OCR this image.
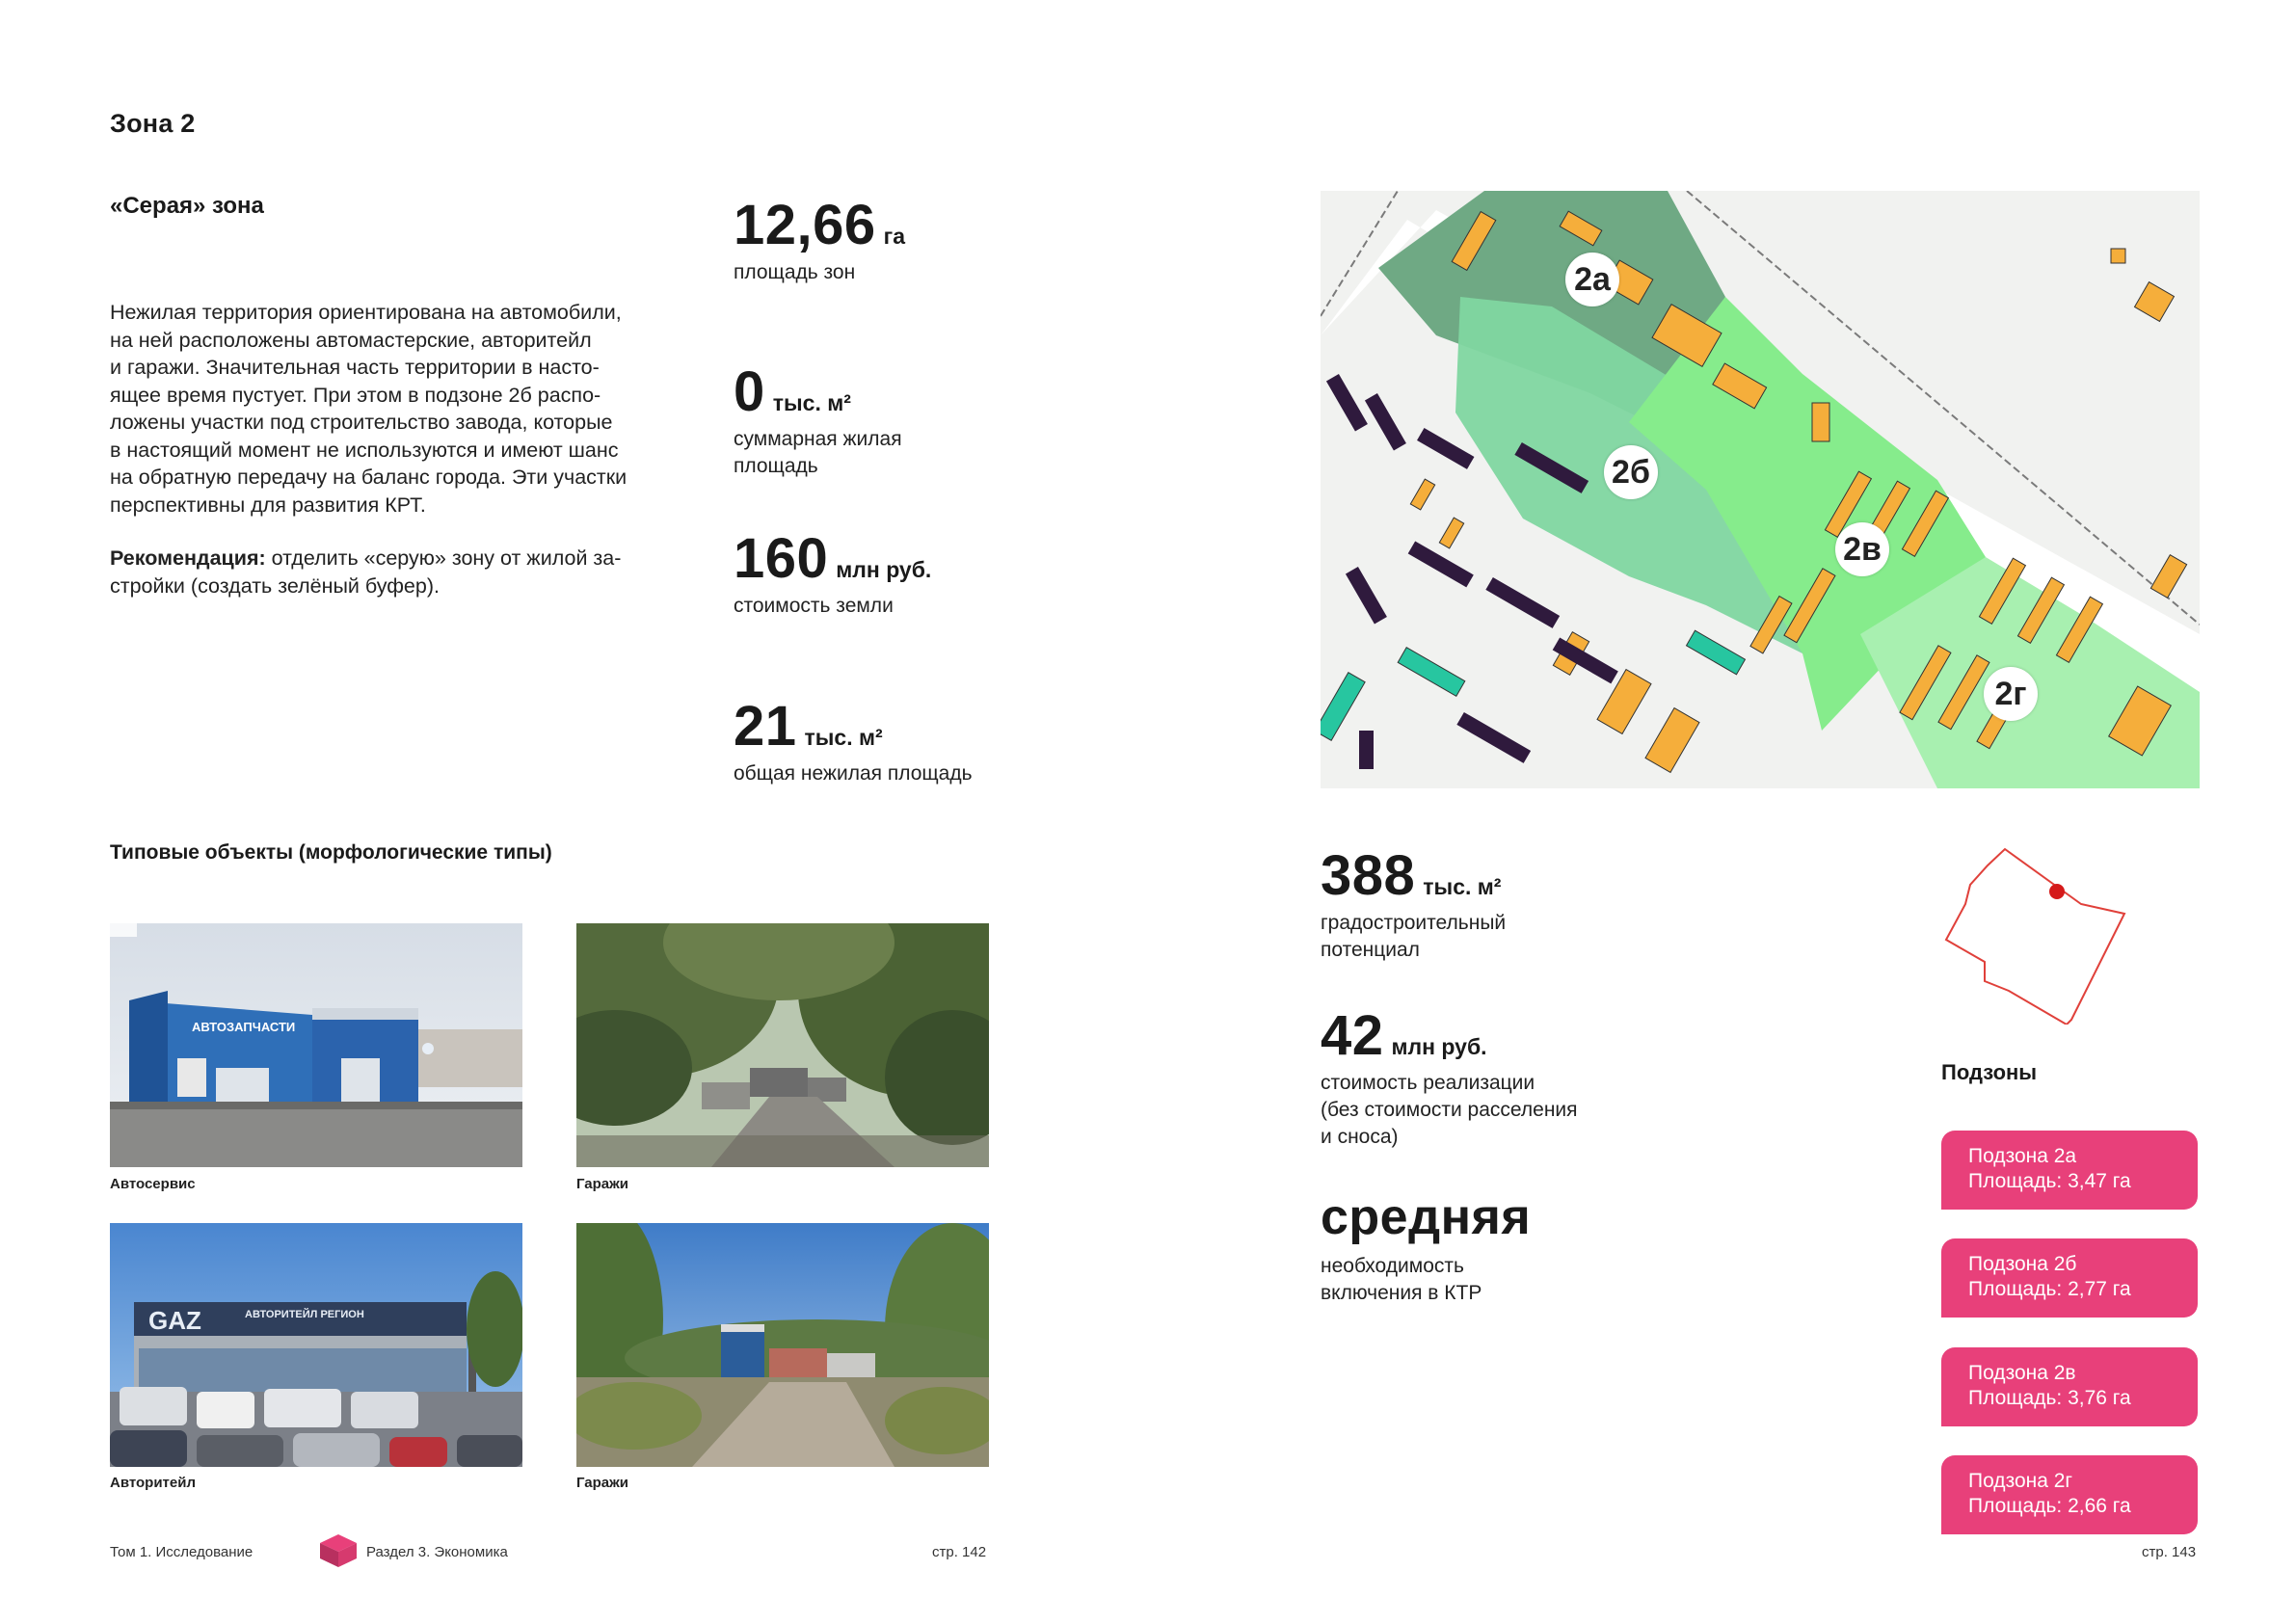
Зона 2
«Серая» зона
Нежилая территория ориентирована на автомобили,
на ней расположены автомастерские, авторитейл
и гаражи. Значительная часть территории в насто-
ящее время пустует. При этом в подзоне 2б распо-
ложены участки под строительство завода, которые
в настоящий момент не используются и имеют шанс
на обратную передачу на баланс города. Эти участки
перспективны для развития КРТ.
Рекомендация: отделить «серую» зону от жилой за-
стройки (создать зелёный буфер).
12,66 га
площадь зон
0 тыс. м²
суммарная жилая
площадь
160 млн руб.
стоимость земли
21 тыс. м²
общая нежилая площадь
Типовые объекты (морфологические типы)
АВТОЗАПЧАСТИ
Автосервис	Гаражи
GAZ	АВТОРИТЕЙЛ РЕГИОН
Авторитейл	Гаражи
Том 1. Исследование	Раздел 3. Экономика	стр. 142
2а
2б
2в
2г
388 тыс. м²
градостроительный
потенциал
42 млн руб.
стоимость реализации
(без стоимости расселения
и сноса)
средняя
необходимость
включения в КТР
Подзоны
Подзона 2а
Площадь: 3,47 га
Подзона 2б
Площадь: 2,77 га
Подзона 2в
Площадь: 3,76 га
Подзона 2г
Площадь: 2,66 га
стр. 143
